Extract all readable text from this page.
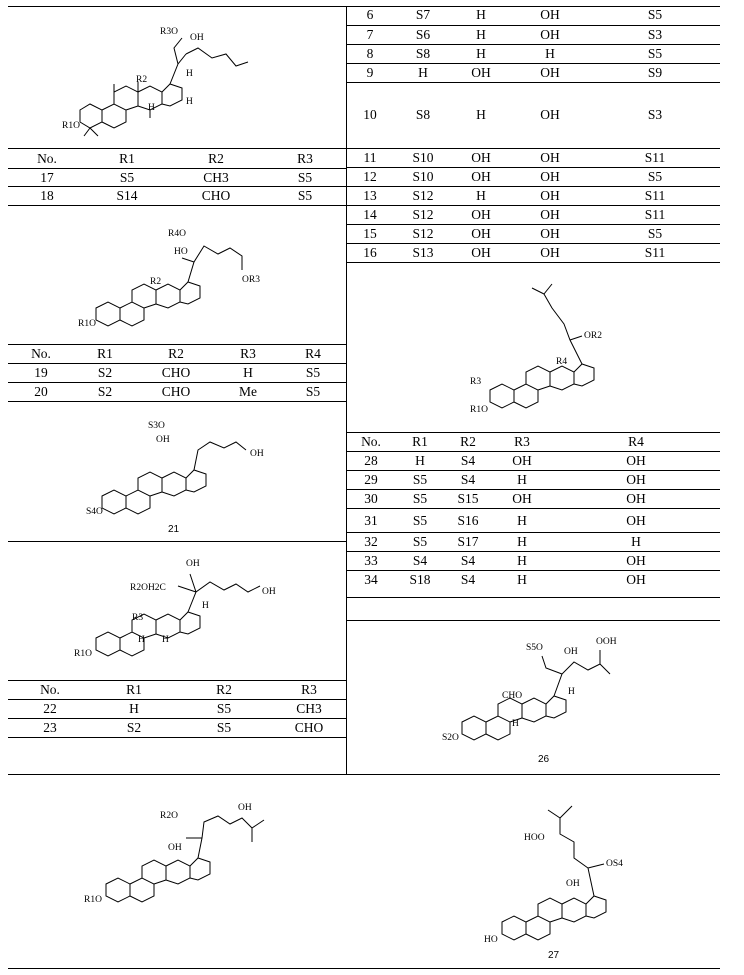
6	S7	H	OH	S5
7	S6	H	OH	S3
8	S8	H	H	S5
9	H	OH	OH	S9
10	S8	H	OH	S3
11	S10	OH	OH	S11
12	S10	OH	OH	S5
13	S12	H	OH	S11
14	S12	OH	OH	S11
15	S12	OH	OH	S5
16	S13	OH	OH	S11
No.	R1	R2	R3
17	S5	CH3	S5
18	S14	CHO	S5
No.	R1	R2	R3	R4
19	S2	CHO	H	S5
20	S2	CHO	Me	S5
No.	R1	R2	R3
22	H	S5	CH3
23	S2	S5	CHO
No.	R1	R2	R3	R4
28	H	S4	OH	OH
29	S5	S4	H	OH
30	S5	S15	OH	OH
31	S5	S16	H	OH
32	S5	S17	H	H
33	S4	S4	H	OH
34	S18	S4	H	OH
R3O
OH
R2
H
H
H
R1O
R4O
HO
OR3
R2
R1O
S3O
OH
OH
S4O
21
OH
R2OH2C
H
OH
R3
H H
R1O
R4
OR2
R3
R1O
S5O OH
OOH
CHO	H
H
S2O
26
R2O
OH
OH
R1O
HOO
OH
OS4
HO
27
